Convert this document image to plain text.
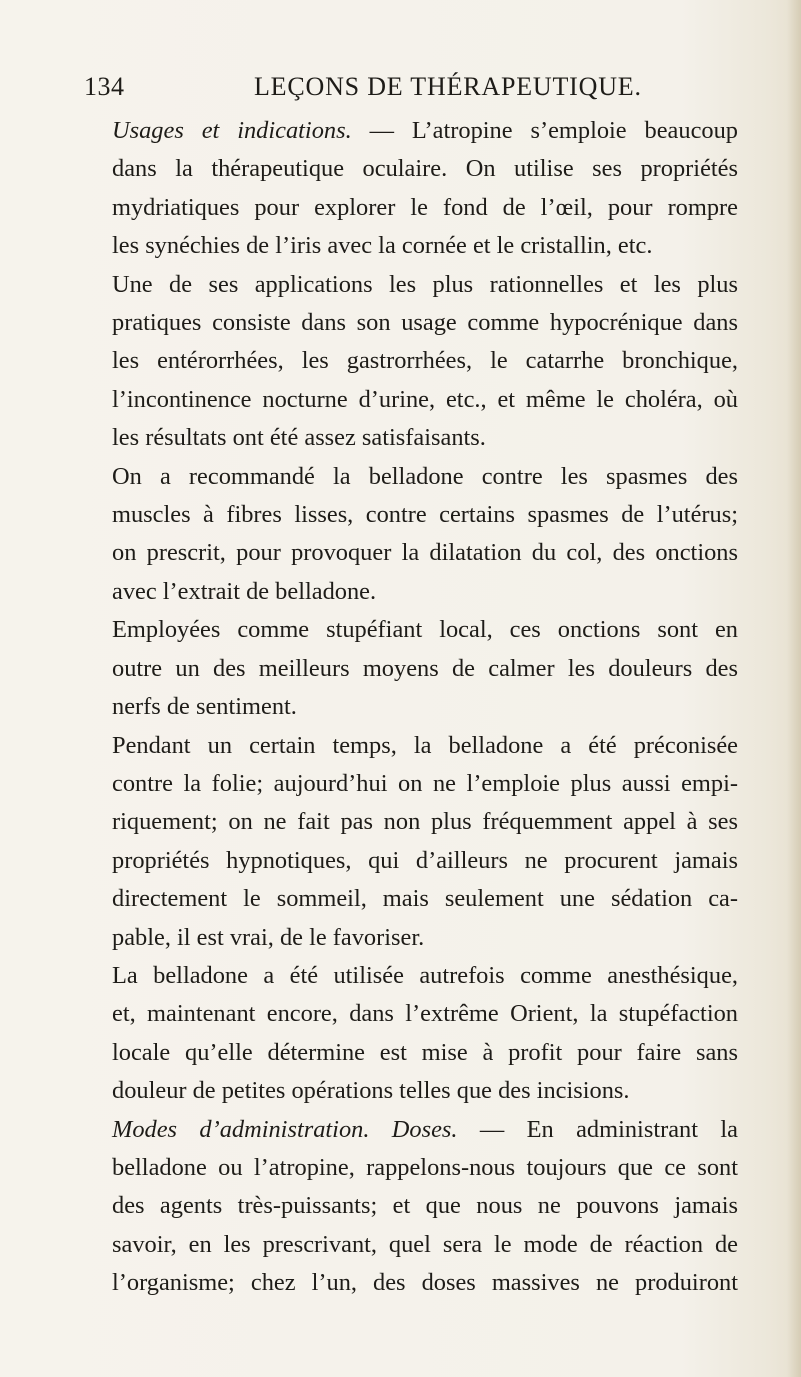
134	LEÇONS DE THÉRAPEUTIQUE.

Usages et indications. — L’atropine s’emploie beaucoup
dans la thérapeutique oculaire. On utilise ses propriétés
mydriatiques pour explorer le fond de l’œil, pour rompre
les synéchies de l’iris avec la cornée et le cristallin, etc.

Une de ses applications les plus rationnelles et les plus
pratiques consiste dans son usage comme hypocrénique dans
les entérorrhées, les gastrorrhées, le catarrhe bronchique,
l’incontinence nocturne d’urine, etc., et même le choléra, où
les résultats ont été assez satisfaisants.

On a recommandé la belladone contre les spasmes des
muscles à fibres lisses, contre certains spasmes de l’utérus;
on prescrit, pour provoquer la dilatation du col, des onctions
avec l’extrait de belladone.

Employées comme stupéfiant local, ces onctions sont en
outre un des meilleurs moyens de calmer les douleurs des
nerfs de sentiment.

Pendant un certain temps, la belladone a été préconisée
contre la folie; aujourd’hui on ne l’emploie plus aussi empi-
riquement; on ne fait pas non plus fréquemment appel à ses
propriétés hypnotiques, qui d’ailleurs ne procurent jamais
directement le sommeil, mais seulement une sédation ca-
pable, il est vrai, de le favoriser.

La belladone a été utilisée autrefois comme anesthésique,
et, maintenant encore, dans l’extrême Orient, la stupéfaction
locale qu’elle détermine est mise à profit pour faire sans
douleur de petites opérations telles que des incisions.

Modes d’administration. Doses. — En administrant la
belladone ou l’atropine, rappelons-nous toujours que ce sont
des agents très-puissants; et que nous ne pouvons jamais
savoir, en les prescrivant, quel sera le mode de réaction de
l’organisme; chez l’un, des doses massives ne produiront
